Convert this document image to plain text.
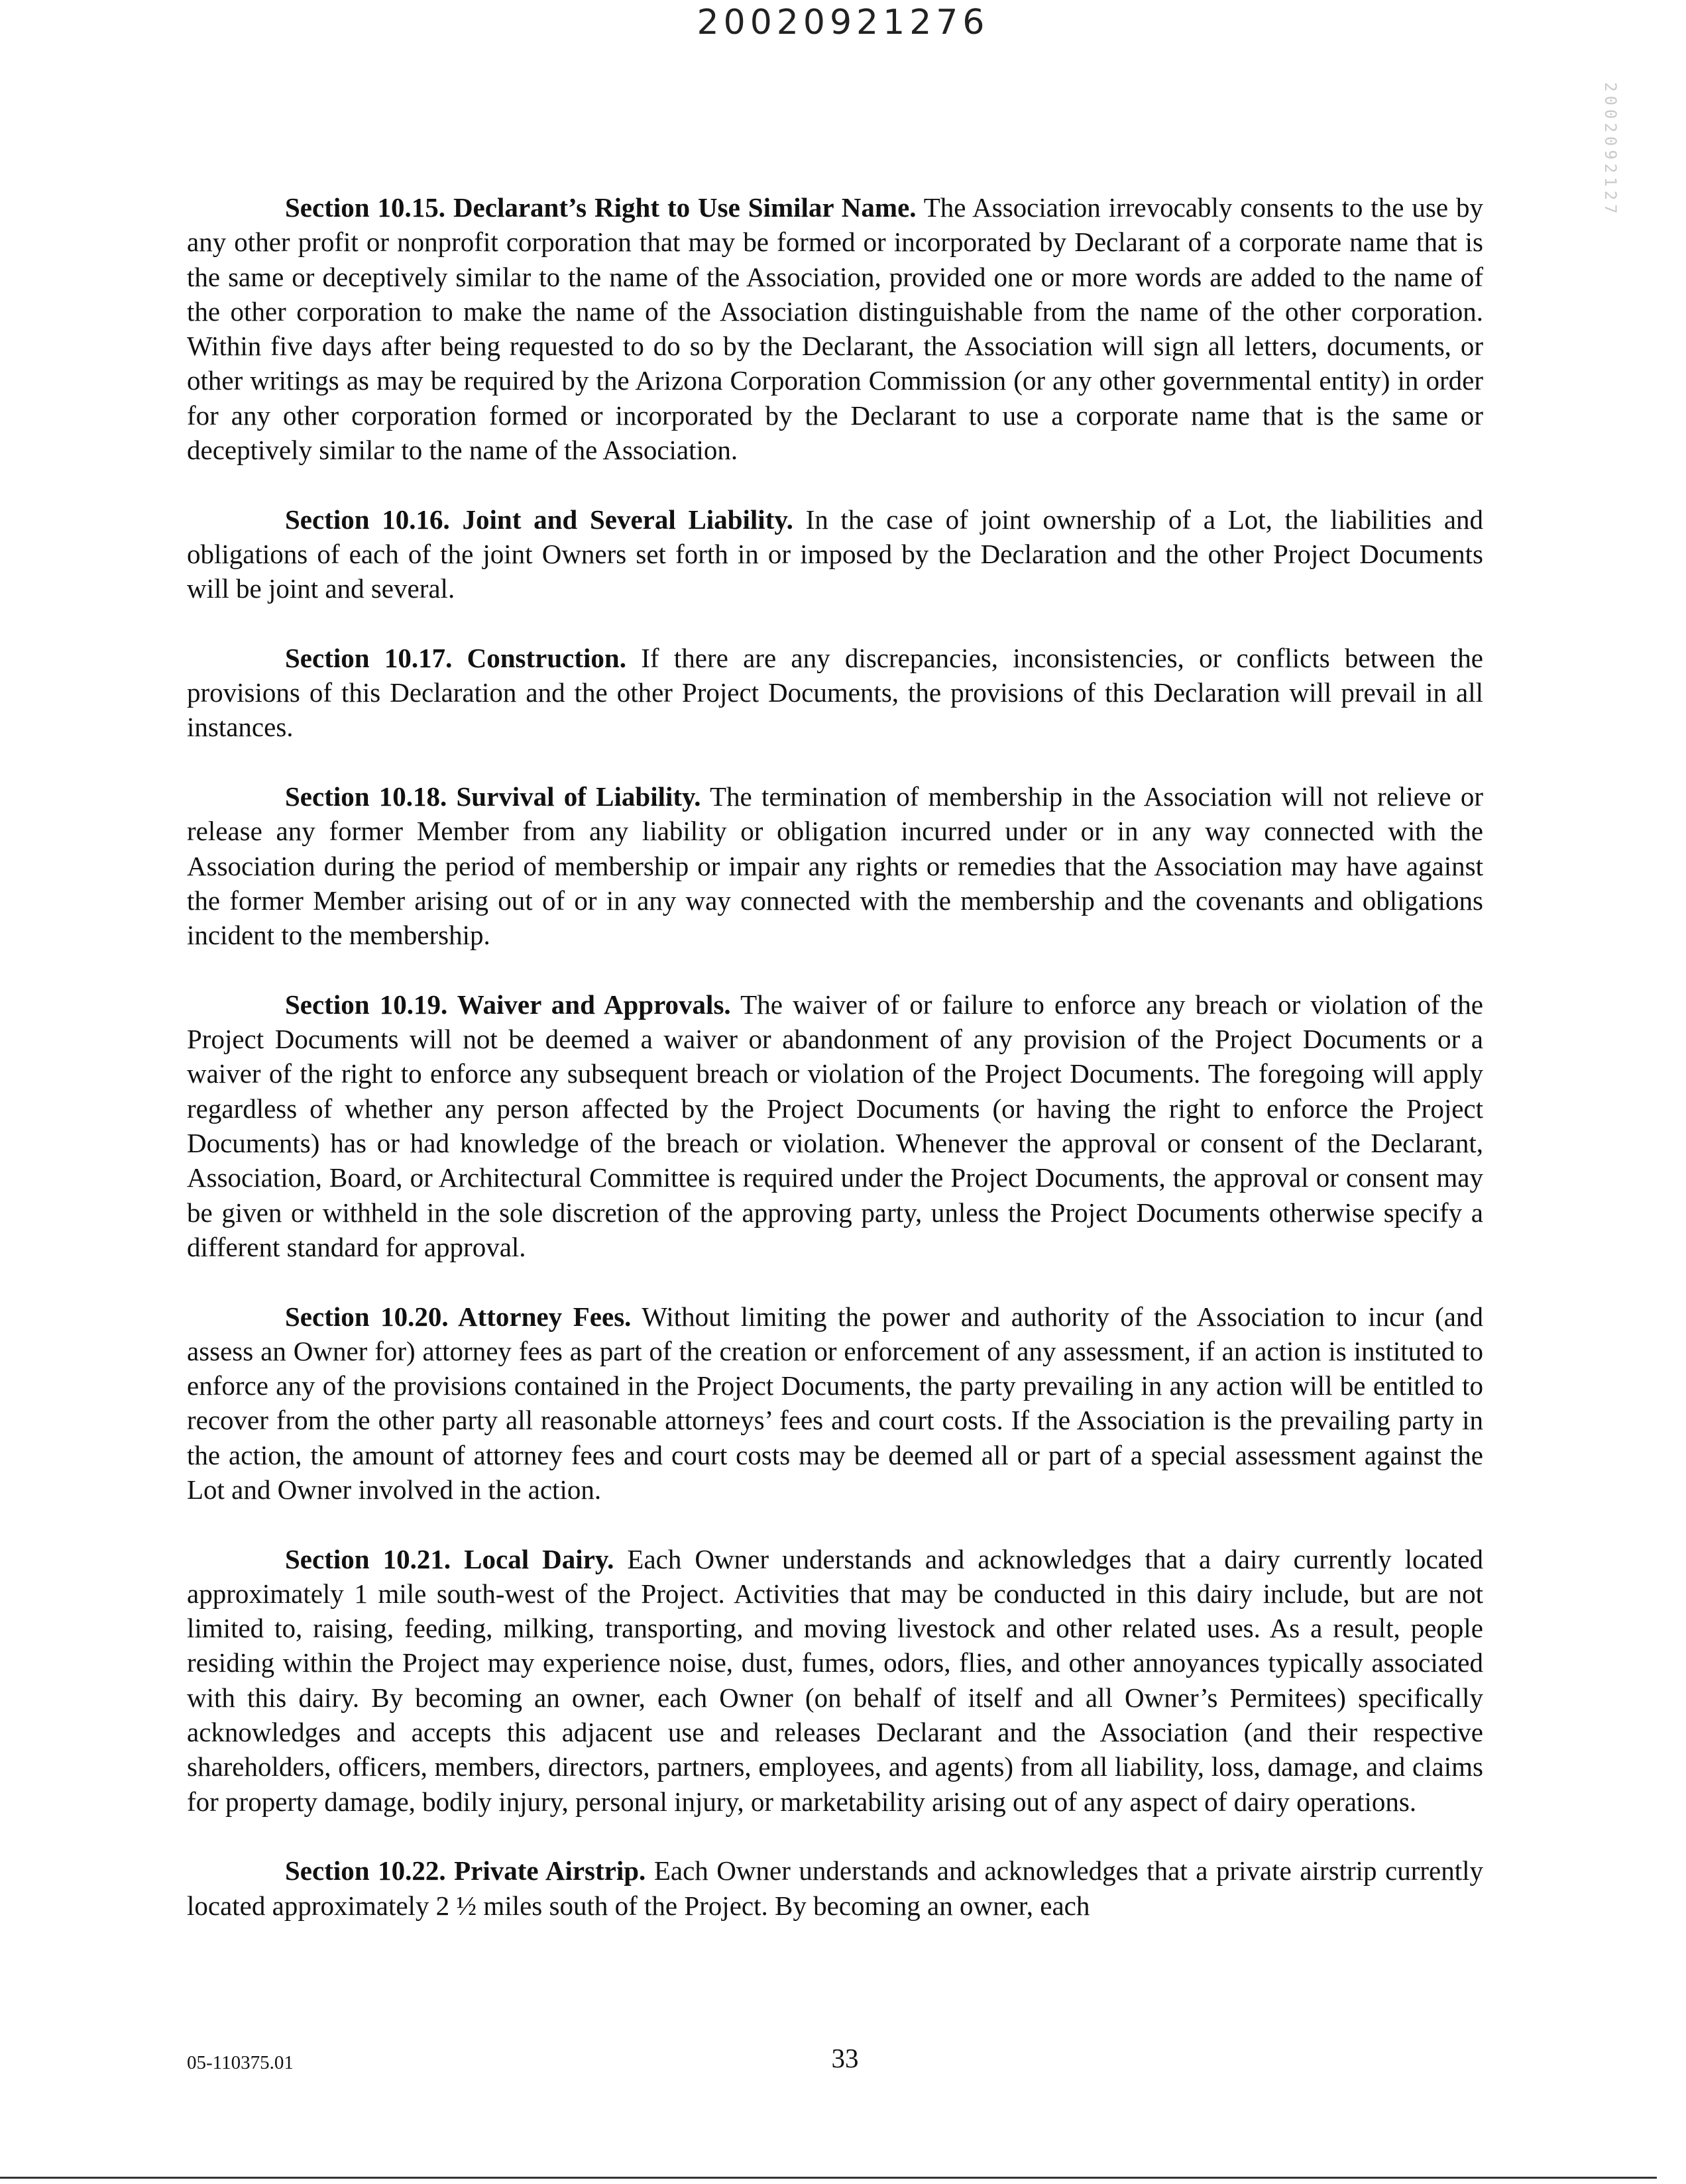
20020921276
2002092127

Section 10.15. Declarant’s Right to Use Similar Name. The Association irrevocably consents to the use by any other profit or nonprofit corporation that may be formed or incorporated by Declarant of a corporate name that is the same or deceptively similar to the name of the Association, provided one or more words are added to the name of the other corporation to make the name of the Association distinguishable from the name of the other corporation. Within five days after being requested to do so by the Declarant, the Association will sign all letters, documents, or other writings as may be required by the Arizona Corporation Commission (or any other governmental entity) in order for any other corporation formed or incorporated by the Declarant to use a corporate name that is the same or deceptively similar to the name of the Association.

Section 10.16. Joint and Several Liability. In the case of joint ownership of a Lot, the liabilities and obligations of each of the joint Owners set forth in or imposed by the Declaration and the other Project Documents will be joint and several.

Section 10.17. Construction. If there are any discrepancies, inconsistencies, or conflicts between the provisions of this Declaration and the other Project Documents, the provisions of this Declaration will prevail in all instances.

Section 10.18. Survival of Liability. The termination of membership in the Association will not relieve or release any former Member from any liability or obligation incurred under or in any way connected with the Association during the period of membership or impair any rights or remedies that the Association may have against the former Member arising out of or in any way connected with the membership and the covenants and obligations incident to the membership.

Section 10.19. Waiver and Approvals. The waiver of or failure to enforce any breach or violation of the Project Documents will not be deemed a waiver or abandonment of any provision of the Project Documents or a waiver of the right to enforce any subsequent breach or violation of the Project Documents. The foregoing will apply regardless of whether any person affected by the Project Documents (or having the right to enforce the Project Documents) has or had knowledge of the breach or violation. Whenever the approval or consent of the Declarant, Association, Board, or Architectural Committee is required under the Project Documents, the approval or consent may be given or withheld in the sole discretion of the approving party, unless the Project Documents otherwise specify a different standard for approval.

Section 10.20. Attorney Fees. Without limiting the power and authority of the Association to incur (and assess an Owner for) attorney fees as part of the creation or enforcement of any assessment, if an action is instituted to enforce any of the provisions contained in the Project Documents, the party prevailing in any action will be entitled to recover from the other party all reasonable attorneys’ fees and court costs. If the Association is the prevailing party in the action, the amount of attorney fees and court costs may be deemed all or part of a special assessment against the Lot and Owner involved in the action.

Section 10.21. Local Dairy. Each Owner understands and acknowledges that a dairy currently located approximately 1 mile south-west of the Project. Activities that may be conducted in this dairy include, but are not limited to, raising, feeding, milking, transporting, and moving livestock and other related uses. As a result, people residing within the Project may experience noise, dust, fumes, odors, flies, and other annoyances typically associated with this dairy. By becoming an owner, each Owner (on behalf of itself and all Owner’s Permitees) specifically acknowledges and accepts this adjacent use and releases Declarant and the Association (and their respective shareholders, officers, members, directors, partners, employees, and agents) from all liability, loss, damage, and claims for property damage, bodily injury, personal injury, or marketability arising out of any aspect of dairy operations.

Section 10.22. Private Airstrip. Each Owner understands and acknowledges that a private airstrip currently located approximately 2 ½ miles south of the Project. By becoming an owner, each

05-110375.01	33
